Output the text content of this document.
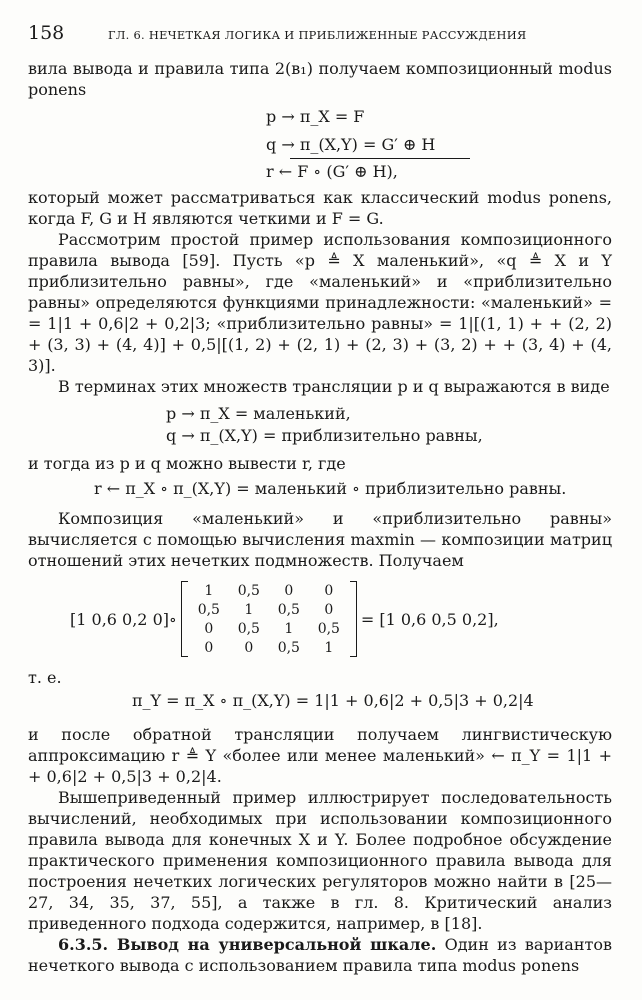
158	ГЛ. 6. НЕЧЕТКАЯ ЛОГИКА И ПРИБЛИЖЕННЫЕ РАССУЖДЕНИЯ

вила вывода и правила типа 2(в₁) получаем композиционный modus ponens

p → π_X = F
q → π_(X,Y) = G′ ⊕ H
r ← F ∘ (G′ ⊕ H),

который может рассматриваться как классический modus ponens, когда F, G и H являются четкими и F = G.

Рассмотрим простой пример использования композиционного правила вывода [59]. Пусть «p ≜ X маленький», «q ≜ X и Y приблизительно равны», где «маленький» и «приблизительно равны» определяются функциями принадлежности: «маленький» = = 1|1 + 0,6|2 + 0,2|3; «приблизительно равны» = 1|[(1, 1) + + (2, 2) + (3, 3) + (4, 4)] + 0,5|[(1, 2) + (2, 1) + (2, 3) + (3, 2) + + (3, 4) + (4, 3)].

В терминах этих множеств трансляции p и q выражаются в виде

p → π_X = маленький,
q → π_(X,Y) = приблизительно равны,

и тогда из p и q можно вывести r, где

r ← π_X ∘ π_(X,Y) = маленький ∘ приблизительно равны.

Композиция «маленький» и «приблизительно равны» вычисляется с помощью вычисления maxmin — композиции матриц отношений этих нечетких подмножеств. Получаем

[1 0,6 0,2 0]∘
1	0,5	0	0
0,5	1	0,5	0
0	0,5	1	0,5
0	0	0,5	1
= [1 0,6 0,5 0,2],

т. е.

π_Y = π_X ∘ π_(X,Y) = 1|1 + 0,6|2 + 0,5|3 + 0,2|4

и после обратной трансляции получаем лингвистическую аппроксимацию r ≜ Y «более или менее маленький» ← π_Y = 1|1 + + 0,6|2 + 0,5|3 + 0,2|4.

Вышеприведенный пример иллюстрирует последовательность вычислений, необходимых при использовании композиционного правила вывода для конечных X и Y. Более подробное обсуждение практического применения композиционного правила вывода для построения нечетких логических регуляторов можно найти в [25—27, 34, 35, 37, 55], а также в гл. 8. Критический анализ приведенного подхода содержится, например, в [18].

6.3.5. Вывод на универсальной шкале. Один из вариантов нечеткого вывода с использованием правила типа modus ponens
